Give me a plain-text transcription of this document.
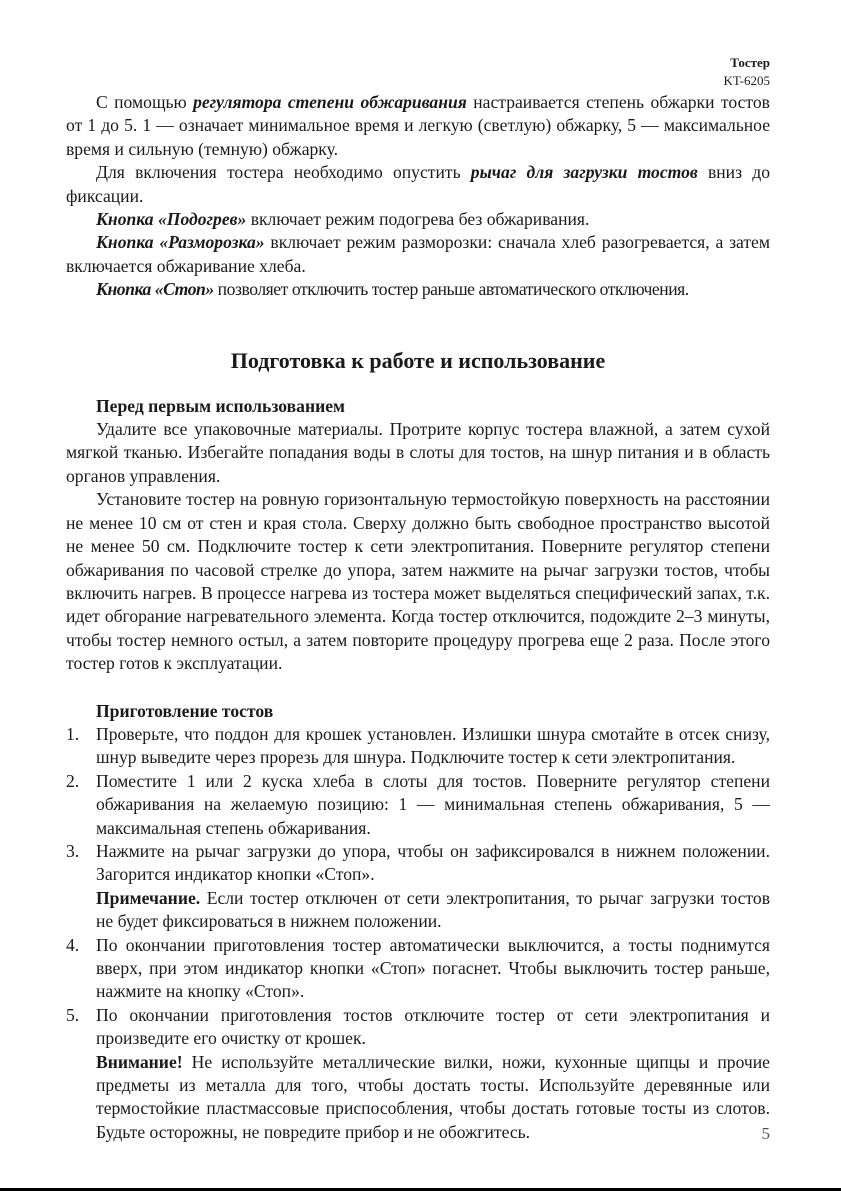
Тостер
KT-6205

С помощью регулятора степени обжаривания настраивается степень обжарки тостов от 1 до 5. 1 — означает минимальное время и легкую (светлую) обжарку, 5 — максимальное время и сильную (темную) обжарку.

Для включения тостера необходимо опустить рычаг для загрузки тостов вниз до фиксации.

Кнопка «Подогрев» включает режим подогрева без обжаривания.

Кнопка «Разморозка» включает режим разморозки: сначала хлеб разогревается, а затем включается обжаривание хлеба.

Кнопка «Стоп» позволяет отключить тостер раньше автоматического отключения.

Подготовка к работе и использование
Перед первым использованием

Удалите все упаковочные материалы. Протрите корпус тостера влажной, а затем сухой мягкой тканью. Избегайте попадания воды в слоты для тостов, на шнур питания и в область органов управления.

Установите тостер на ровную горизонтальную термостойкую поверхность на расстоянии не менее 10 см от стен и края стола. Сверху должно быть свободное пространство высотой не менее 50 см. Подключите тостер к сети электропитания. Поверните регулятор степени обжаривания по часовой стрелке до упора, затем нажмите на рычаг загрузки тостов, чтобы включить нагрев. В процессе нагрева из тостера может выделяться специфический запах, т.к. идет обгорание нагревательного элемента. Когда тостер отключится, подождите 2–3 минуты, чтобы тостер немного остыл, а затем повторите процедуру прогрева еще 2 раза. После этого тостер готов к эксплуатации.

Приготовление тостов
1. Проверьте, что поддон для крошек установлен. Излишки шнура смотайте в отсек снизу, шнур выведите через прорезь для шнура. Подключите тостер к сети электропитания.
2. Поместите 1 или 2 куска хлеба в слоты для тостов. Поверните регулятор степени обжаривания на желаемую позицию: 1 — минимальная степень обжаривания, 5 — максимальная степень обжаривания.
3. Нажмите на рычаг загрузки до упора, чтобы он зафиксировался в нижнем положении. Загорится индикатор кнопки «Стоп».
Примечание. Если тостер отключен от сети электропитания, то рычаг загрузки тостов не будет фиксироваться в нижнем положении.
4. По окончании приготовления тостер автоматически выключится, а тосты поднимутся вверх, при этом индикатор кнопки «Стоп» погаснет. Чтобы выключить тостер раньше, нажмите на кнопку «Стоп».
5. По окончании приготовления тостов отключите тостер от сети электропитания и произведите его очистку от крошек.
Внимание! Не используйте металлические вилки, ножи, кухонные щипцы и прочие предметы из металла для того, чтобы достать тосты. Используйте деревянные или термостойкие пластмассовые приспособления, чтобы достать готовые тосты из слотов. Будьте осторожны, не повредите прибор и не обожгитесь.	5
